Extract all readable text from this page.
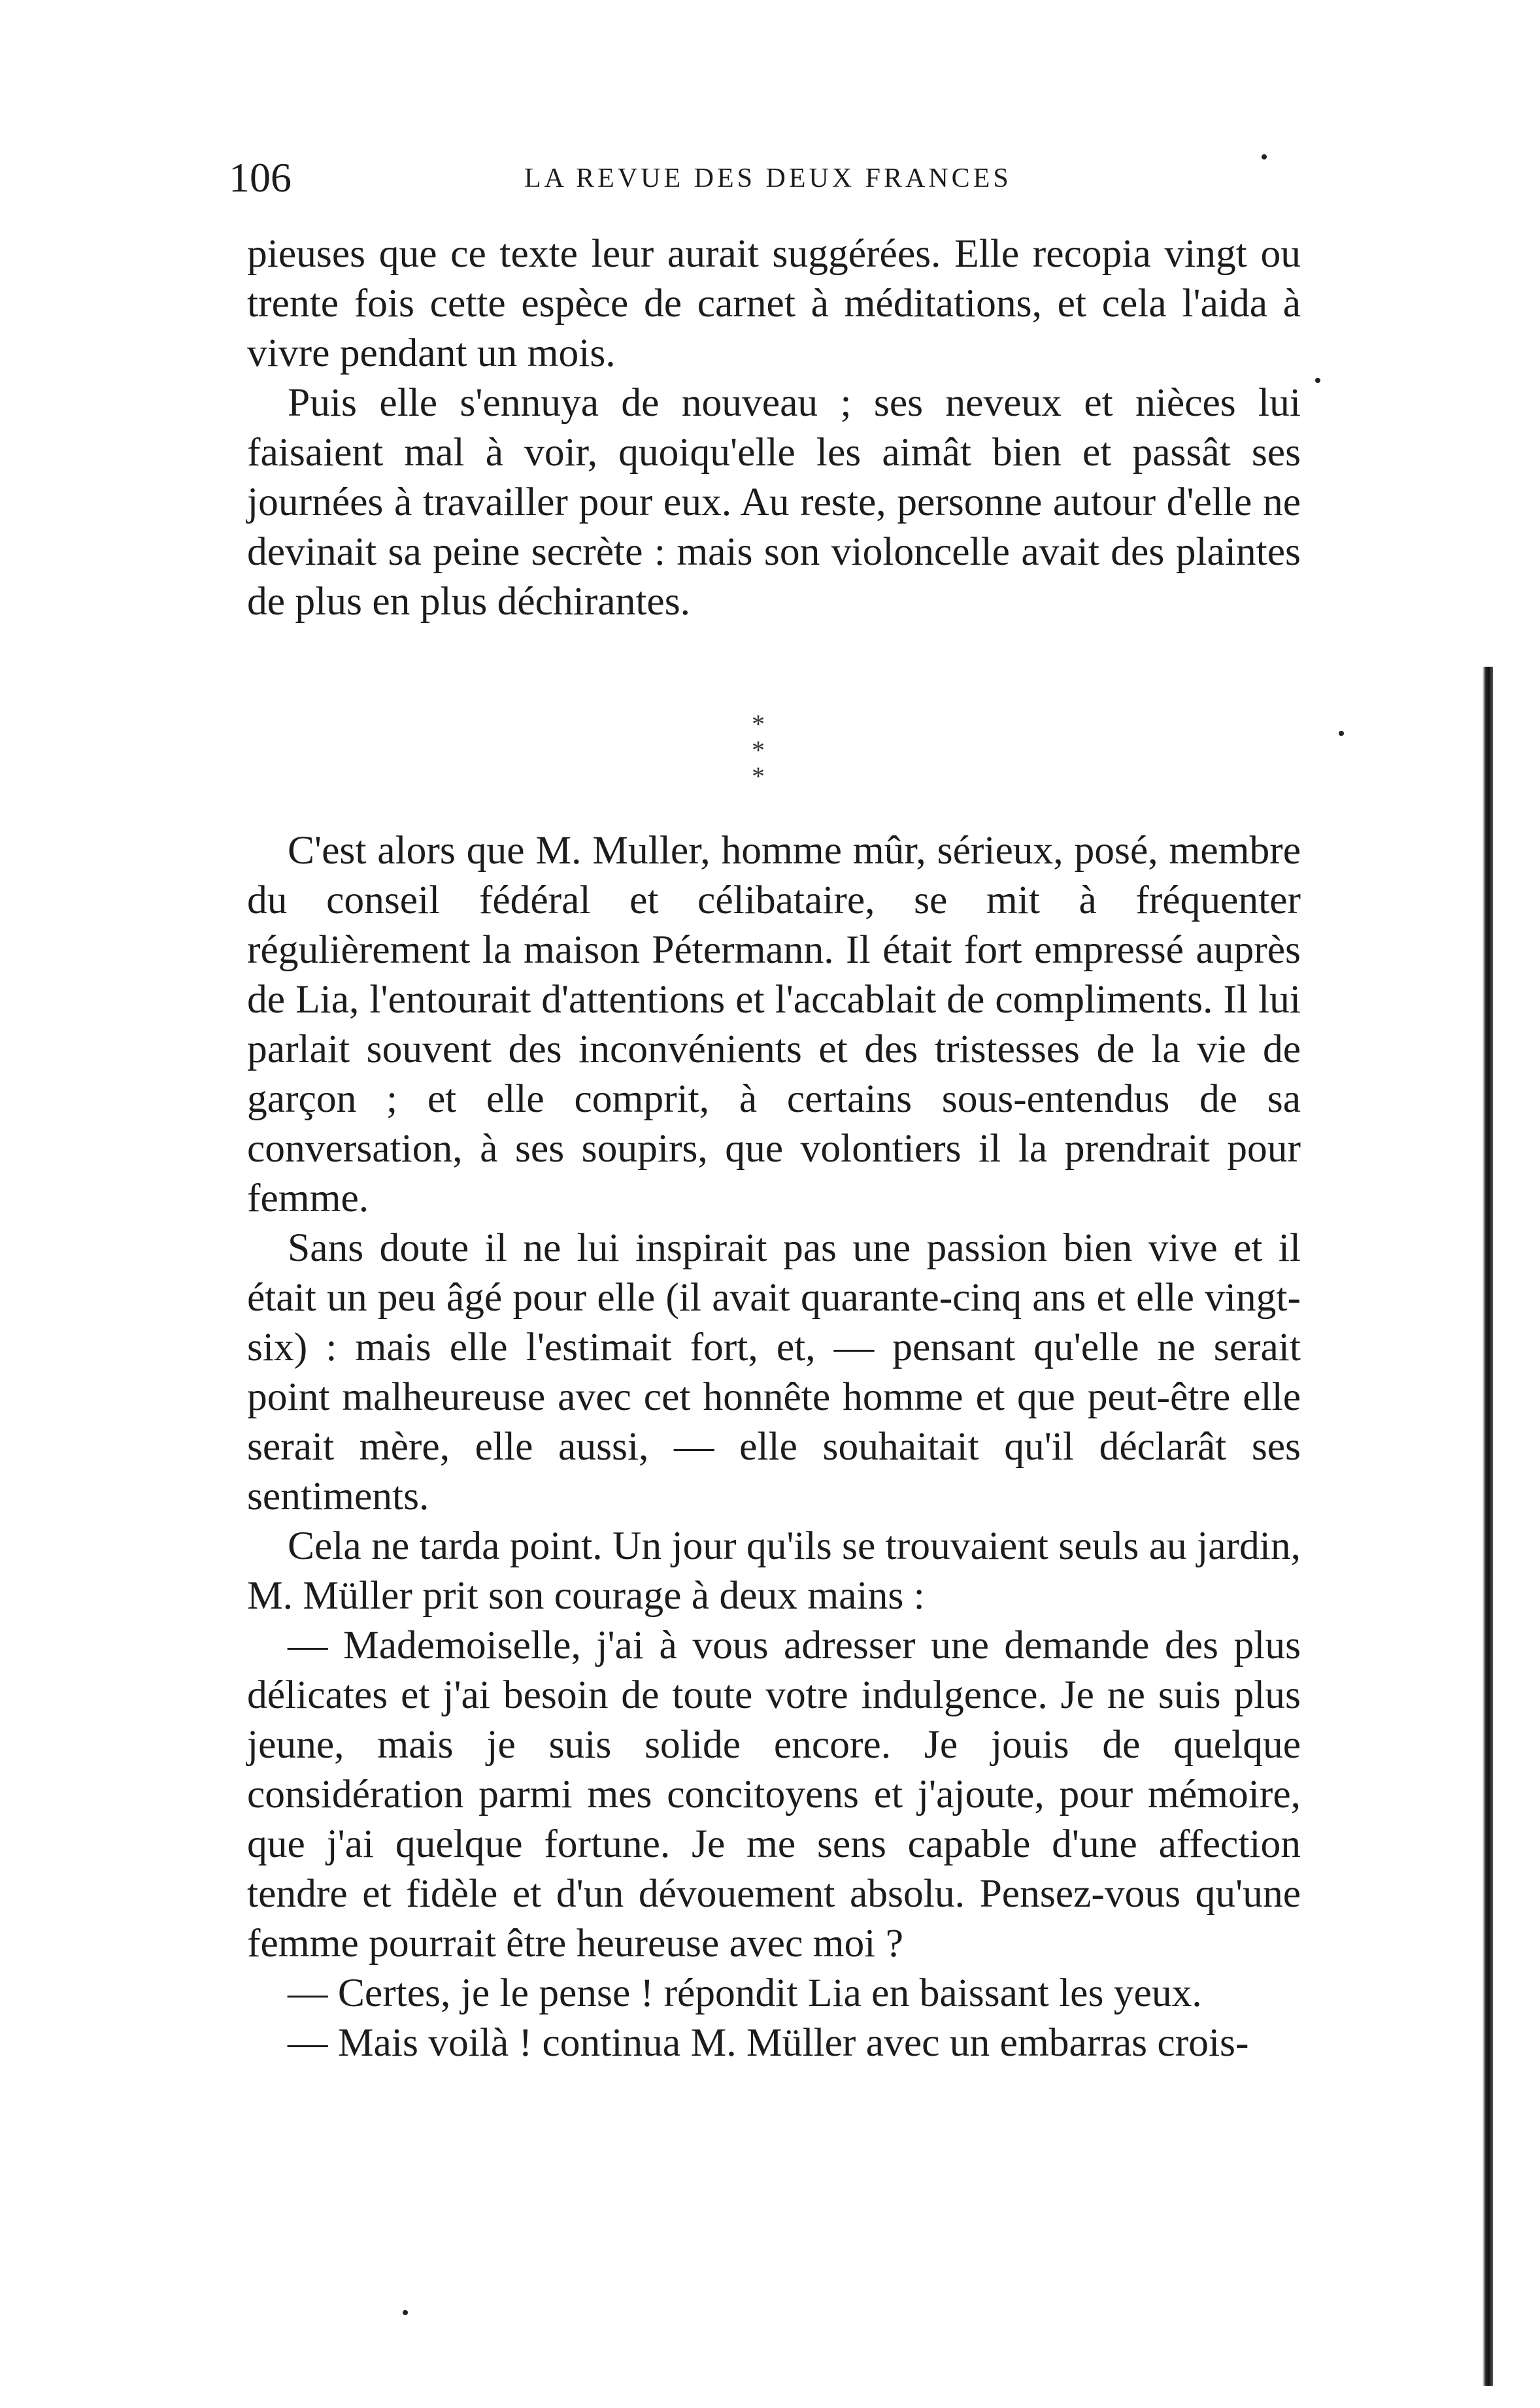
106	LA REVUE DES DEUX FRANCES

pieuses que ce texte leur aurait suggérées. Elle recopia vingt ou trente fois cette espèce de carnet à méditations, et cela l'aida à vivre pendant un mois.

Puis elle s'ennuya de nouveau ; ses neveux et nièces lui faisaient mal à voir, quoiqu'elle les aimât bien et passât ses journées à travailler pour eux. Au reste, personne autour d'elle ne devinait sa peine secrète : mais son violoncelle avait des plaintes de plus en plus déchirantes.

*
* *

C'est alors que M. Muller, homme mûr, sérieux, posé, membre du conseil fédéral et célibataire, se mit à fréquenter régulièrement la maison Pétermann. Il était fort empressé auprès de Lia, l'entourait d'attentions et l'accablait de compliments. Il lui parlait souvent des inconvénients et des tristesses de la vie de garçon ; et elle comprit, à certains sous-entendus de sa conversation, à ses soupirs, que volontiers il la prendrait pour femme.

Sans doute il ne lui inspirait pas une passion bien vive et il était un peu âgé pour elle (il avait quarante-cinq ans et elle vingt-six) : mais elle l'estimait fort, et, — pensant qu'elle ne serait point malheureuse avec cet honnête homme et que peut-être elle serait mère, elle aussi, — elle souhaitait qu'il déclarât ses sentiments.

Cela ne tarda point. Un jour qu'ils se trouvaient seuls au jardin, M. Müller prit son courage à deux mains :

— Mademoiselle, j'ai à vous adresser une demande des plus délicates et j'ai besoin de toute votre indulgence. Je ne suis plus jeune, mais je suis solide encore. Je jouis de quelque considération parmi mes concitoyens et j'ajoute, pour mémoire, que j'ai quelque fortune. Je me sens capable d'une affection tendre et fidèle et d'un dévouement absolu. Pensez-vous qu'une femme pourrait être heureuse avec moi ?

— Certes, je le pense ! répondit Lia en baissant les yeux.

— Mais voilà ! continua M. Müller avec un embarras crois-
